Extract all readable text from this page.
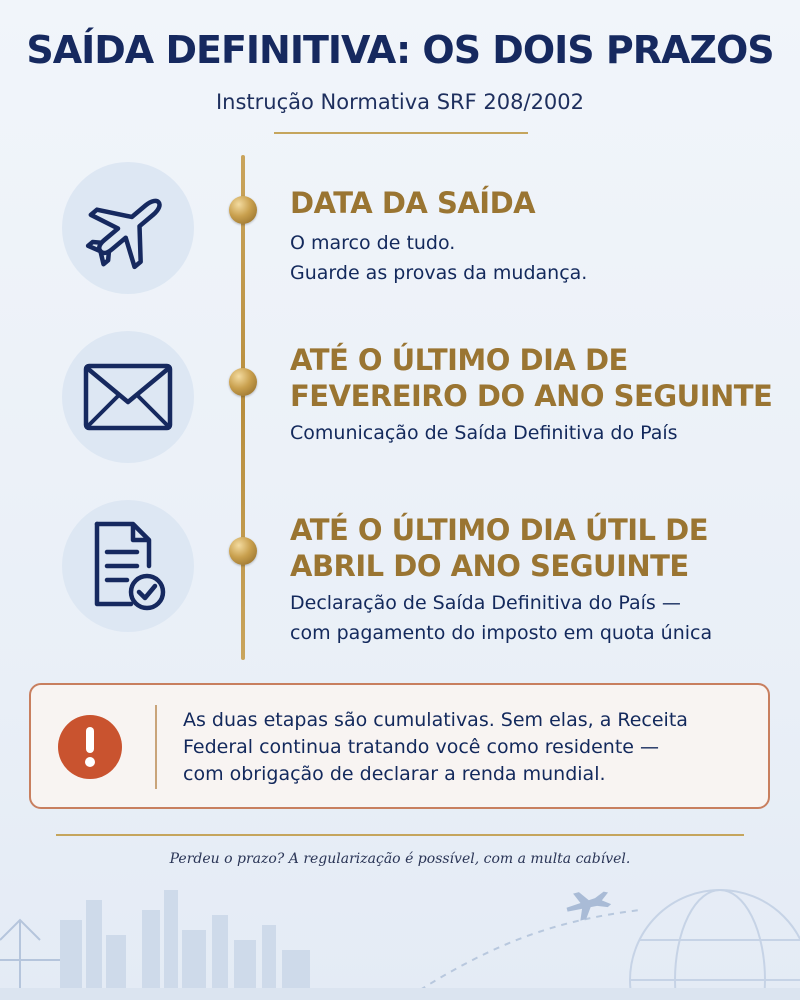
SAÍDA DEFINITIVA: OS DOIS PRAZOS
Instrução Normativa SRF 208/2002
DATA DA SAÍDA
O marco de tudo.
Guarde as provas da mudança.
ATÉ O ÚLTIMO DIA DE
FEVEREIRO DO ANO SEGUINTE
Comunicação de Saída Definitiva do País
ATÉ O ÚLTIMO DIA ÚTIL DE
ABRIL DO ANO SEGUINTE
Declaração de Saída Definitiva do País —
com pagamento do imposto em quota única
As duas etapas são cumulativas. Sem elas, a Receita
Federal continua tratando você como residente —
com obrigação de declarar a renda mundial.
Perdeu o prazo? A regularização é possível, com a multa cabível.
